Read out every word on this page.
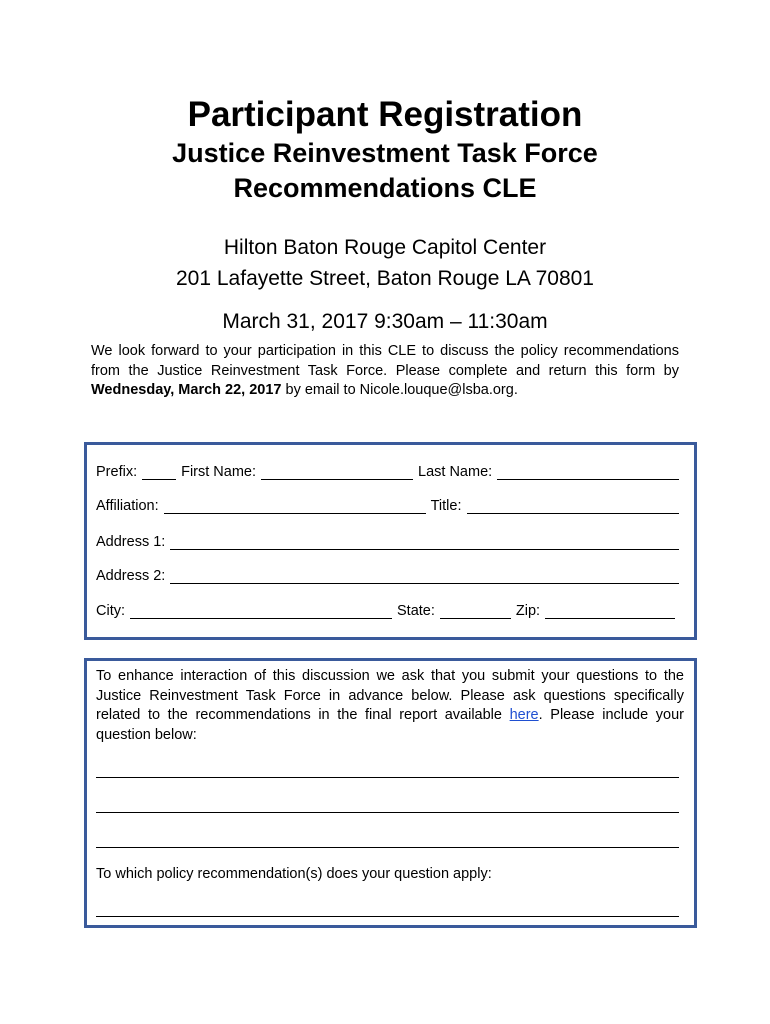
Participant Registration
Justice Reinvestment Task Force
Recommendations CLE
Hilton Baton Rouge Capitol Center
201 Lafayette Street, Baton Rouge LA 70801
March 31, 2017 9:30am – 11:30am
We look forward to your participation in this CLE to discuss the policy recommendations from the Justice Reinvestment Task Force. Please complete and return this form by Wednesday, March 22, 2017 by email to Nicole.louque@lsba.org.
Prefix:	First Name:	Last Name:
Affiliation:	Title:
Address 1:
Address 2:
City:	State:	Zip:
To enhance interaction of this discussion we ask that you submit your questions to the Justice Reinvestment Task Force in advance below. Please ask questions specifically related to the recommendations in the final report available here. Please include your question below:
To which policy recommendation(s) does your question apply:
